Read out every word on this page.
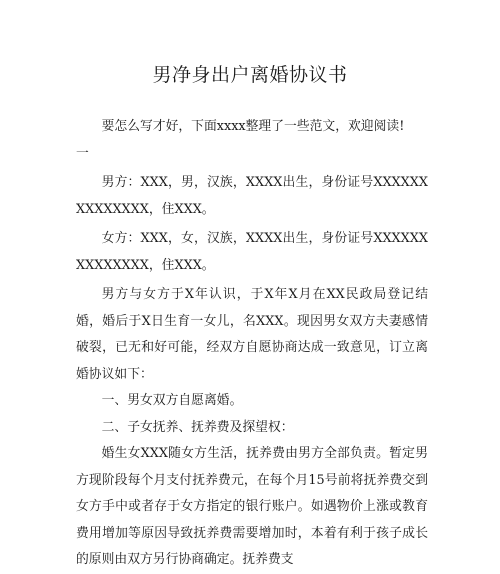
男净身出户离婚协议书

要怎么写才好，下面xxxx整理了一些范文，欢迎阅读!

一

男方：XXX，男，汉族，XXXX出生，身份证号XXXXXXXXXXXXXX，住XXX。

女方：XXX，女，汉族，XXXX出生，身份证号XXXXXXXXXXXXXX，住XXX。

男方与女方于X年认识，于X年X月在XX民政局登记结婚，婚后于X日生育一女儿，名XXX。现因男女双方夫妻感情破裂，已无和好可能，经双方自愿协商达成一致意见，订立离婚协议如下：

一、男女双方自愿离婚。

二、子女抚养、抚养费及探望权：

婚生女XXX随女方生活，抚养费由男方全部负责。暂定男方现阶段每个月支付抚养费元，在每个月15号前将抚养费交到女方手中或者存于女方指定的银行账户。如遇物价上涨或教育费用增加等原因导致抚养费需要增加时，本着有利于孩子成长的原则由双方另行协商确定。抚养费支
